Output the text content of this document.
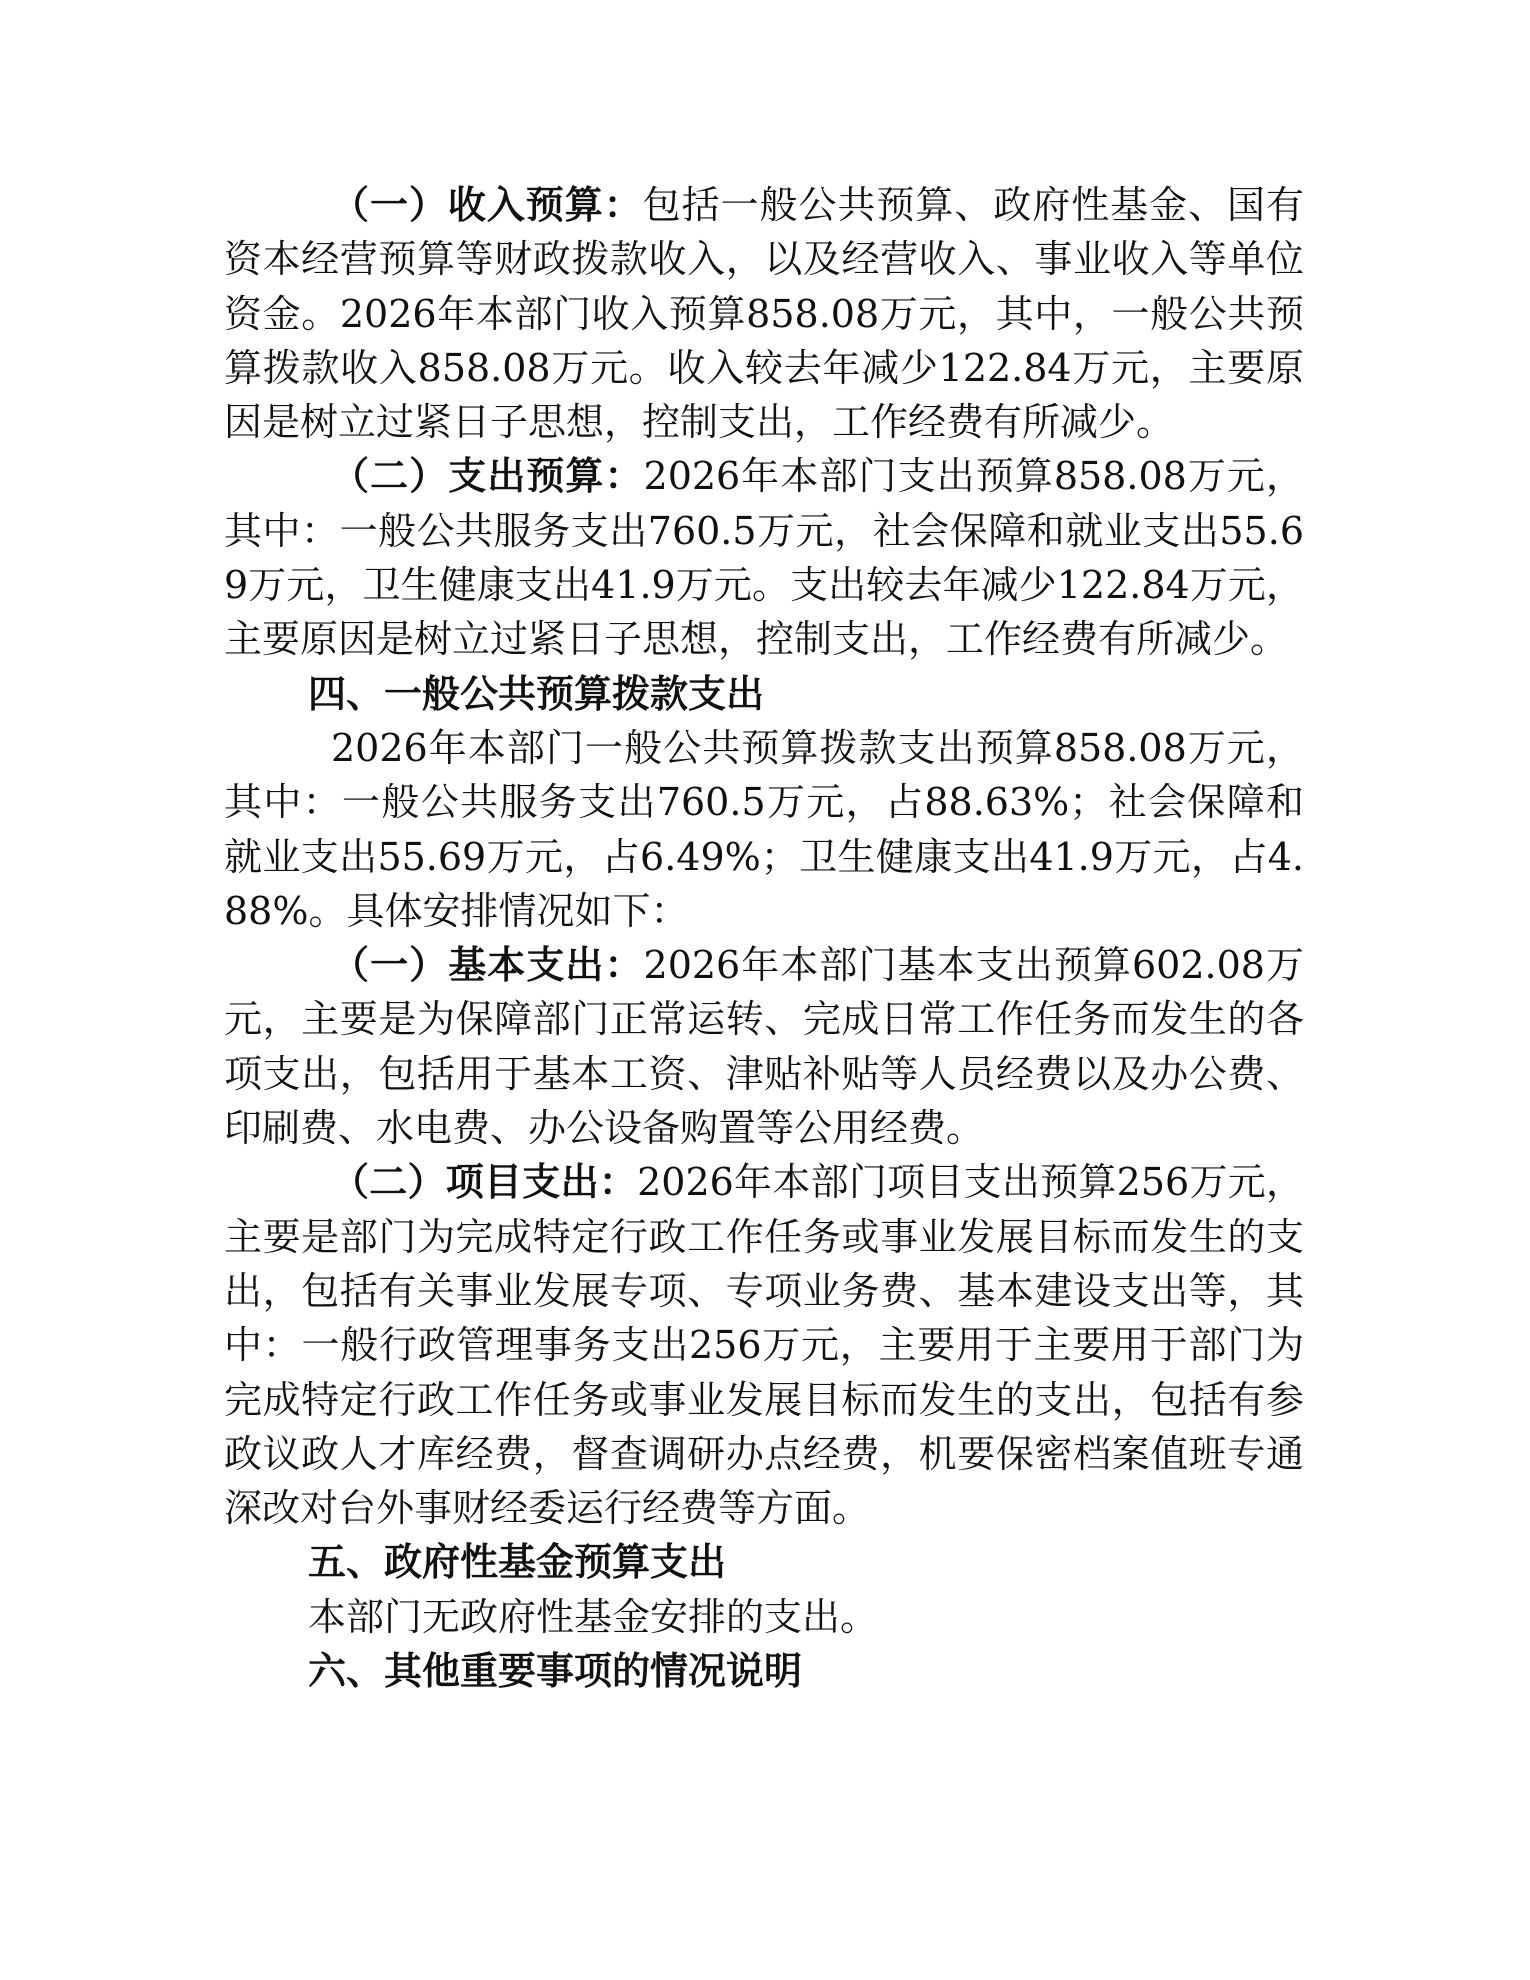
（一）收入预算：包括一般公共预算、政府性基金、国有资本经营预算等财政拨款收入，以及经营收入、事业收入等单位资金。2026年本部门收入预算858.08万元，其中，一般公共预算拨款收入858.08万元。收入较去年减少122.84万元，主要原因是树立过紧日子思想，控制支出，工作经费有所减少。

（二）支出预算：2026年本部门支出预算858.08万元，其中：一般公共服务支出760.5万元，社会保障和就业支出55.69万元，卫生健康支出41.9万元。支出较去年减少122.84万元，主要原因是树立过紧日子思想，控制支出，工作经费有所减少。

四、一般公共预算拨款支出

2026年本部门一般公共预算拨款支出预算858.08万元，其中：一般公共服务支出760.5万元，占88.63%；社会保障和就业支出55.69万元，占6.49%；卫生健康支出41.9万元，占4.88%。具体安排情况如下：

（一）基本支出：2026年本部门基本支出预算602.08万元，主要是为保障部门正常运转、完成日常工作任务而发生的各项支出，包括用于基本工资、津贴补贴等人员经费以及办公费、印刷费、水电费、办公设备购置等公用经费。

（二）项目支出：2026年本部门项目支出预算256万元，主要是部门为完成特定行政工作任务或事业发展目标而发生的支出，包括有关事业发展专项、专项业务费、基本建设支出等，其中：一般行政管理事务支出256万元，主要用于主要用于部门为完成特定行政工作任务或事业发展目标而发生的支出，包括有参政议政人才库经费，督查调研办点经费，机要保密档案值班专通深改对台外事财经委运行经费等方面。

五、政府性基金预算支出

本部门无政府性基金安排的支出。

六、其他重要事项的情况说明
